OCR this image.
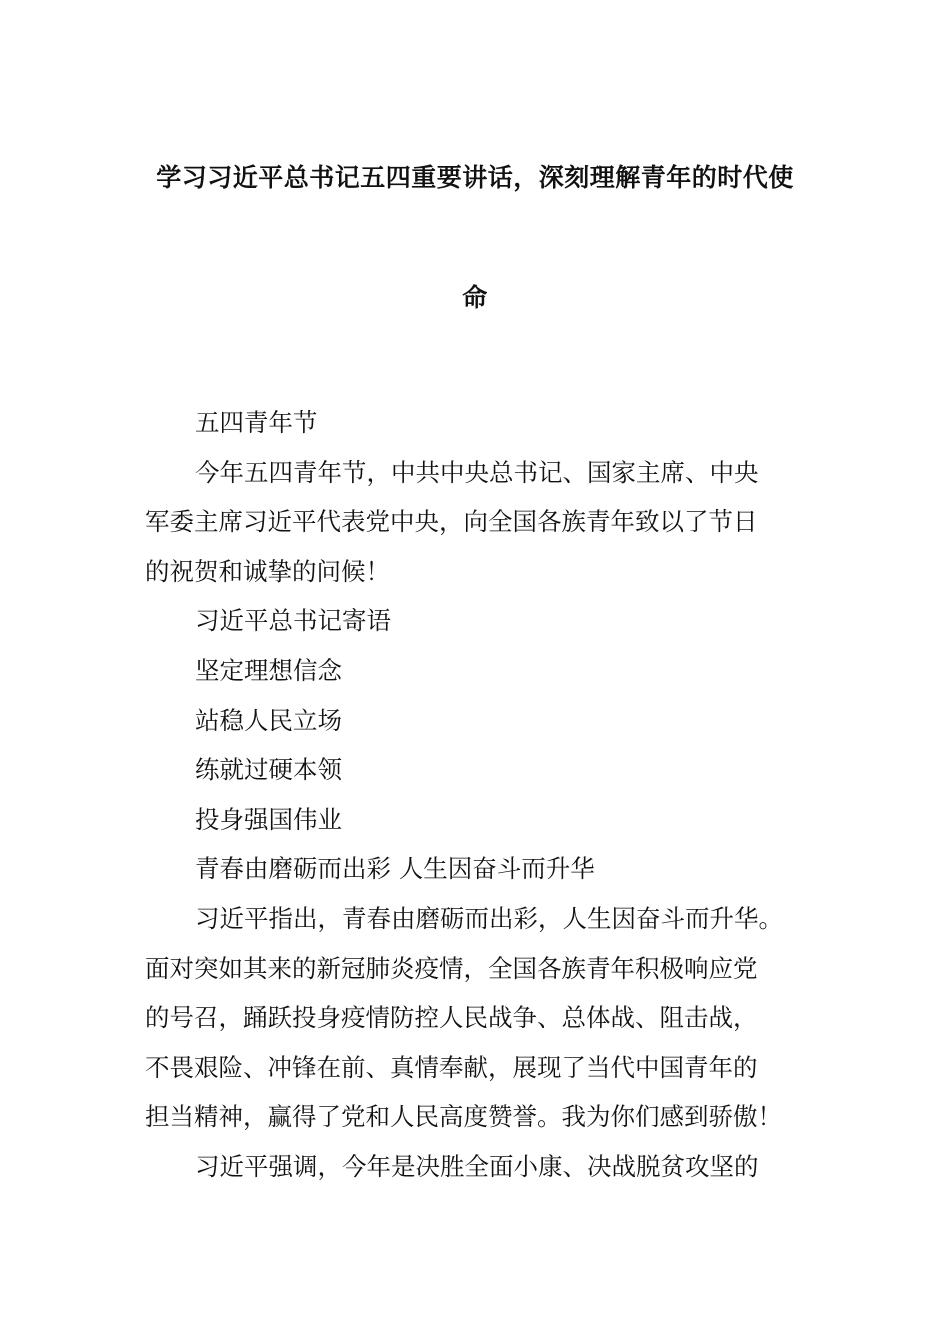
学习习近平总书记五四重要讲话，深刻理解青年的时代使
命
五四青年节
今年五四青年节，中共中央总书记、国家主席、中央
军委主席习近平代表党中央，向全国各族青年致以了节日
的祝贺和诚挚的问候！
习近平总书记寄语
坚定理想信念
站稳人民立场
练就过硬本领
投身强国伟业
青春由磨砺而出彩 人生因奋斗而升华
习近平指出，青春由磨砺而出彩，人生因奋斗而升华。
面对突如其来的新冠肺炎疫情，全国各族青年积极响应党
的号召，踊跃投身疫情防控人民战争、总体战、阻击战，
不畏艰险、冲锋在前、真情奉献，展现了当代中国青年的
担当精神，赢得了党和人民高度赞誉。我为你们感到骄傲！
习近平强调，今年是决胜全面小康、决战脱贫攻坚的
